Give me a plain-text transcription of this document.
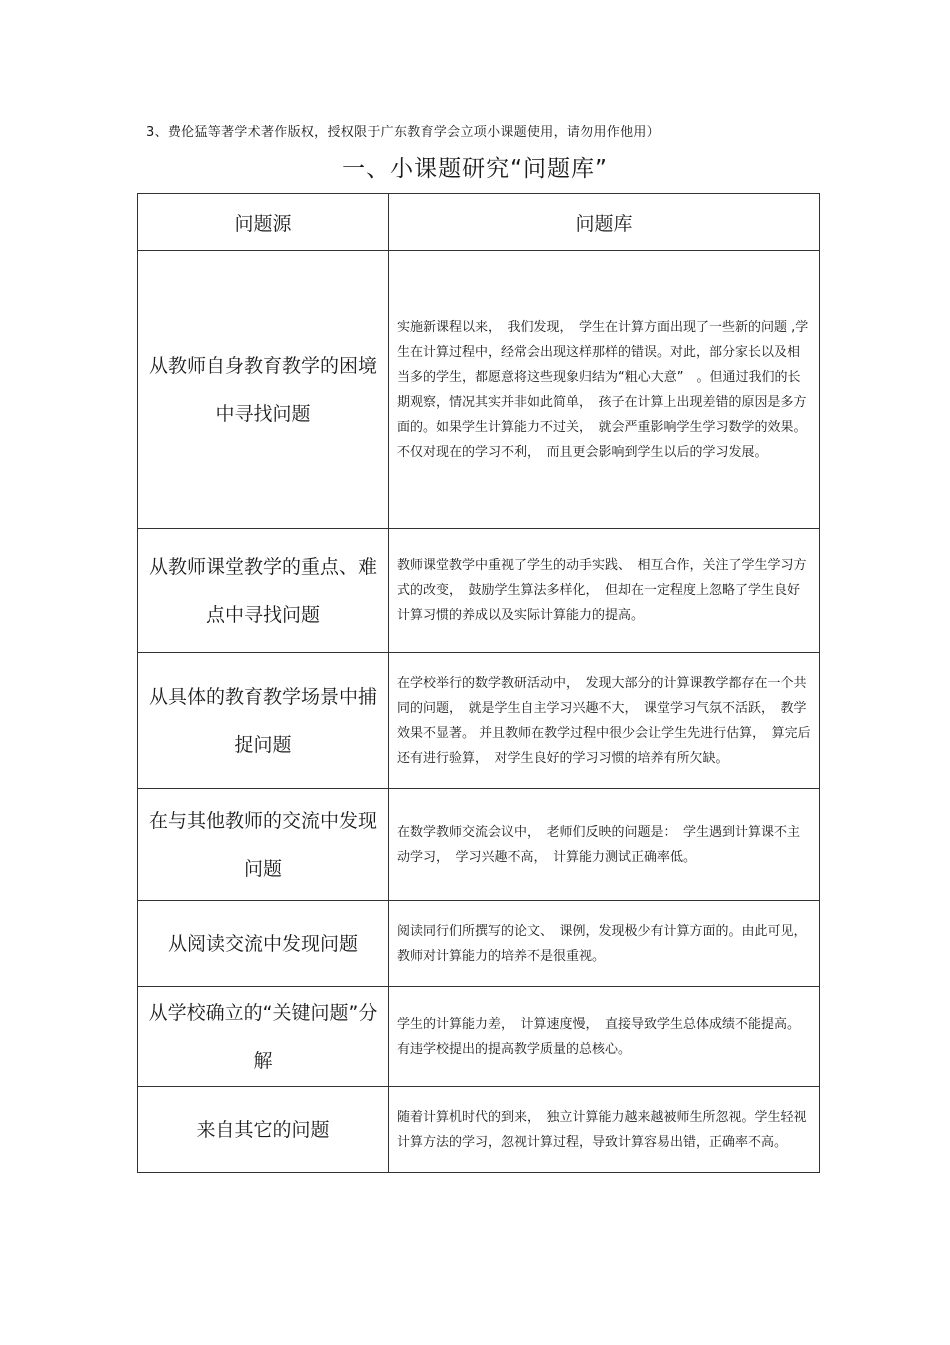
3、费伦猛等著学术著作版权，授权限于广东教育学会立项小课题使用，请勿用作他用）
一、小课题研究“问题库”
问题源	问题库
从教师自身教育教学的困境中寻找问题	实施新课程以来，　我们发现，　学生在计算方面出现了一些新的问题 ,学生在计算过程中，经常会出现这样那样的错误。对此，部分家长以及相当多的学生，都愿意将这些现象归结为“粗心大意”　。但通过我们的长期观察，情况其实并非如此简单，　孩子在计算上出现差错的原因是多方面的。如果学生计算能力不过关，　就会严重影响学生学习数学的效果。 不仅对现在的学习不利，　而且更会影响到学生以后的学习发展。
从教师课堂教学的重点、难点中寻找问题	教师课堂教学中重视了学生的动手实践、　相互合作，关注了学生学习方式的改变，　鼓励学生算法多样化，　但却在一定程度上忽略了学生良好计算习惯的养成以及实际计算能力的提高。
从具体的教育教学场景中捕捉问题	在学校举行的数学教研活动中，　发现大部分的计算课教学都存在一个共同的问题，　就是学生自主学习兴趣不大，　课堂学习气氛不活跃，　教学效果不显著。 并且教师在教学过程中很少会让学生先进行估算，　算完后还有进行验算，　对学生良好的学习习惯的培养有所欠缺。
在与其他教师的交流中发现问题	在数学教师交流会议中，　老师们反映的问题是：　学生遇到计算课不主动学习，　学习兴趣不高，　计算能力测试正确率低。
从阅读交流中发现问题	阅读同行们所撰写的论文、　课例，发现极少有计算方面的。由此可见，教师对计算能力的培养不是很重视。
从学校确立的“关键问题”分解	学生的计算能力差，　计算速度慢，　直接导致学生总体成绩不能提高。有违学校提出的提高教学质量的总核心。
来自其它的问题	随着计算机时代的到来，　独立计算能力越来越被师生所忽视。学生轻视计算方法的学习，忽视计算过程，导致计算容易出错，正确率不高。
